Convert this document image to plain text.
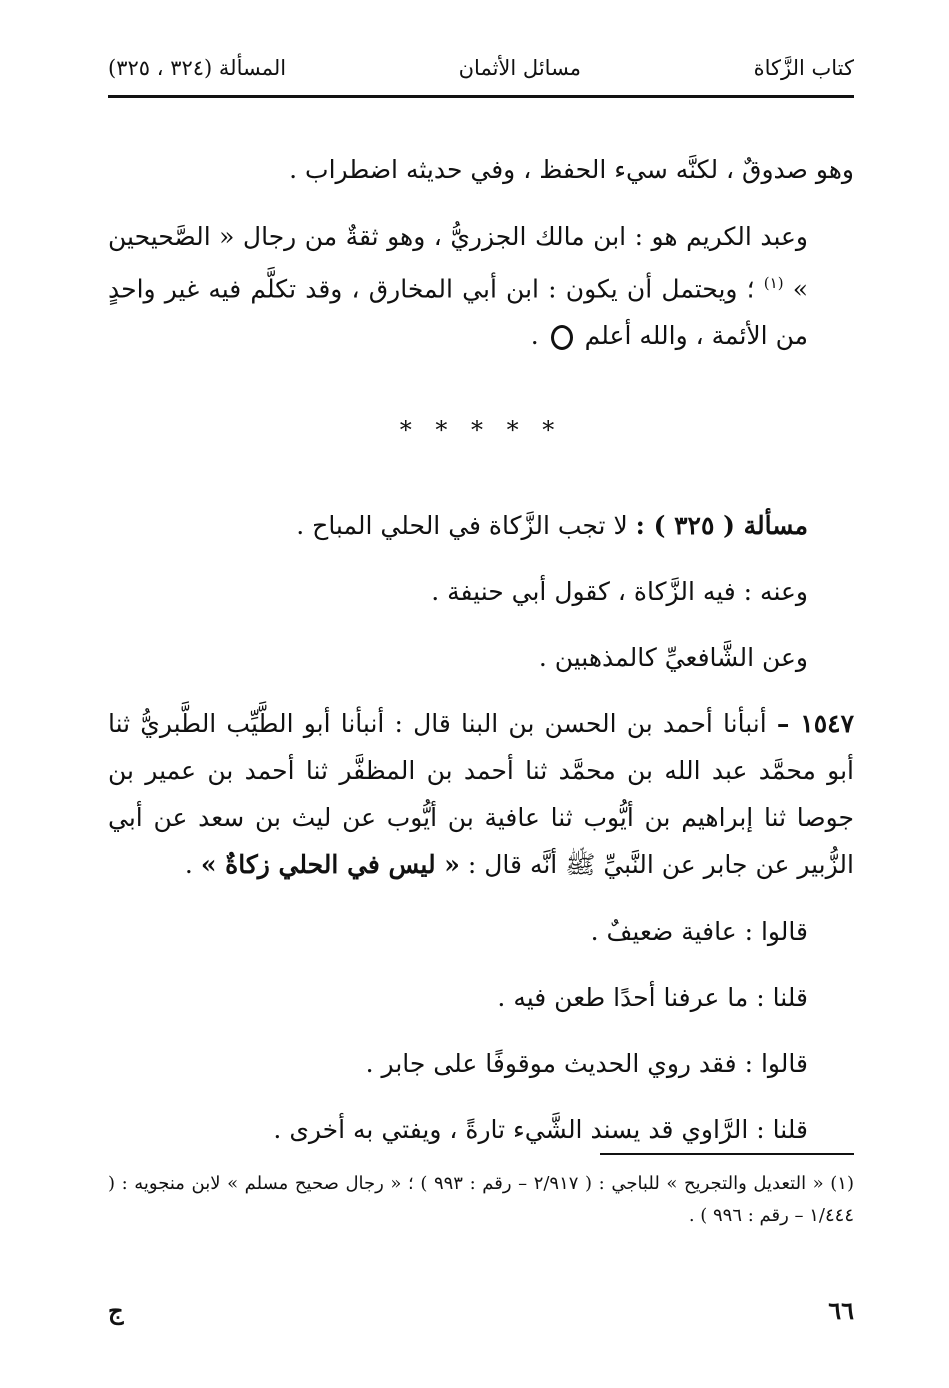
كتاب الزَّكاة
مسائل الأثمان
المسألة (٣٢٤ ، ٣٢٥)

وهو صدوقٌ ، لكنَّه سيء الحفظ ، وفي حديثه اضطراب .

وعبد الكريم هو : ابن مالك الجزريُّ ، وهو ثقةٌ من رجال « الصَّحيحين » $^{(١)}$ ؛ ويحتمل أن يكون : ابن أبي المخارق ، وقد تكلَّم فيه غير واحدٍ من الأئمة ، والله أعلم  .

* * * * *

مسألة ( ٣٢٥ ) : لا تجب الزَّكاة في الحلي المباح .

وعنه : فيه الزَّكاة ، كقول أبي حنيفة .

وعن الشَّافعيِّ كالمذهبين .

١٥٤٧ – أنبأنا أحمد بن الحسن بن البنا قال : أنبأنا أبو الطَّيِّب الطَّبريُّ ثنا أبو محمَّد عبد الله بن محمَّد ثنا أحمد بن المظفَّر ثنا أحمد بن عمير بن جوصا ثنا إبراهيم بن أيُّوب ثنا عافية بن أيُّوب عن ليث بن سعد عن أبي الزُّبير عن جابر عن النَّبيِّ ﷺ أنَّه قال : « ليس في الحلي زكاةٌ » .

قالوا : عافية ضعيفٌ .

قلنا : ما عرفنا أحدًا طعن فيه .

قالوا : فقد روي الحديث موقوفًا على جابر .

قلنا : الرَّاوي قد يسند الشَّيء تارةً ، ويفتي به أخرى .

(١) « التعديل والتجريح » للباجي : ( ٢/٩١٧ – رقم : ٩٩٣ ) ؛ « رجال صحيح مسلم » لابن منجويه : ( ١/٤٤٤ – رقم : ٩٩٦ ) .
٦٦
ج
